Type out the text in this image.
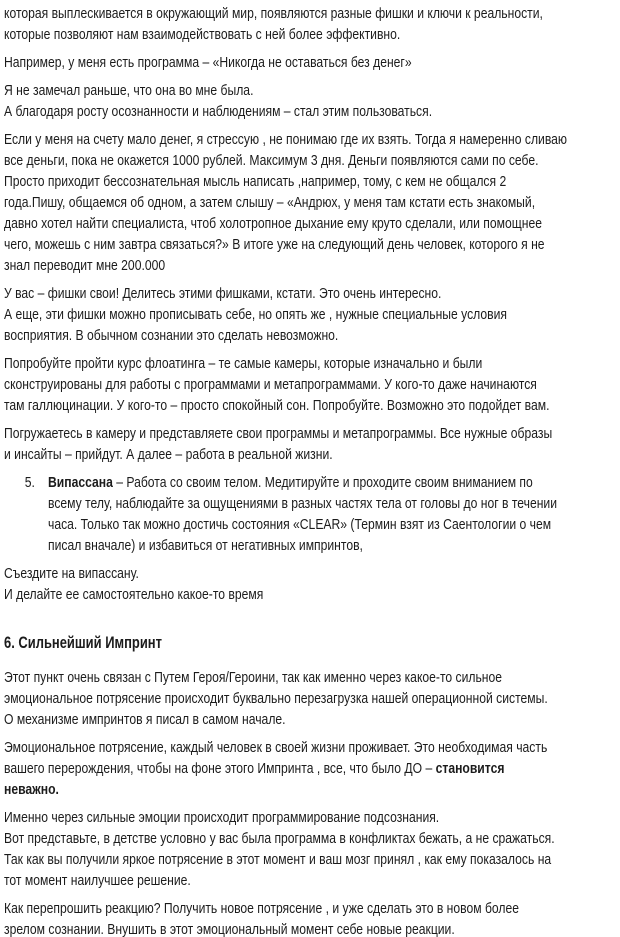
которая выплескивается в окружающий мир, появляются разные фишки и ключи к реальности,
которые позволяют нам взаимодействовать с ней более эффективно.
Например, у меня есть программа – «Никогда не оставаться без денег»
Я не замечал раньше, что она во мне была.
А благодаря росту осознанности и наблюдениям – стал этим пользоваться.
Если у меня на счету мало денег, я стрессую , не понимаю где их взять. Тогда я намеренно сливаю
все деньги, пока не окажется 1000 рублей. Максимум 3 дня. Деньги появляются сами по себе.
Просто приходит бессознательная мысль написать ,например, тому, с кем не общался 2
года.Пишу, общаемся об одном, а затем слышу – «Андрюх, у меня там кстати есть знакомый,
давно хотел найти специалиста, чтоб холотропное дыхание ему круто сделали, или помощнее
чего, можешь с ним завтра связаться?» В итоге уже на следующий день человек, которого я не
знал переводит мне 200.000
У вас – фишки свои! Делитесь этими фишками, кстати. Это очень интересно.
А еще, эти фишки можно прописывать себе, но опять же , нужные специальные условия
восприятия. В обычном сознании это сделать невозможно.
Попробуйте пройти курс флоатинга – те самые камеры, которые изначально и были
сконструированы для работы с программами и метапрограммами. У кого-то даже начинаются
там галлюцинации. У кого-то – просто спокойный сон. Попробуйте. Возможно это подойдет вам.
Погружаетесь в камеру и представляете свои программы и метапрограммы. Все нужные образы
и инсайты – прийдут. А далее – работа в реальной жизни.
5. Випассана – Работа со своим телом. Медитируйте и проходите своим вниманием по
всему телу, наблюдайте за ощущениями в разных частях тела от головы до ног в течении
часа. Только так можно достичь состояния «CLEAR» (Термин взят из Саентологии о чем
писал вначале) и избавиться от негативных импринтов,
Съездите на випассану.
И делайте ее самостоятельно какое-то время
6. Сильнейший Импринт
Этот пункт очень связан с Путем Героя/Героини, так как именно через какое-то сильное
эмоциональное потрясение происходит буквально перезагрузка нашей операционной системы.
О механизме импринтов я писал в самом начале.
Эмоциональное потрясение, каждый человек в своей жизни проживает. Это необходимая часть
вашего перерождения, чтобы на фоне этого Импринта , все, что было ДО – становится
неважно.
Именно через сильные эмоции происходит программирование подсознания.
Вот представьте, в детстве условно у вас была программа в конфликтах бежать, а не сражаться.
Так как вы получили яркое потрясение в этот момент и ваш мозг принял , как ему показалось на
тот момент наилучшее решение.
Как перепрошить реакцию? Получить новое потрясение , и уже сделать это в новом более
зрелом сознании. Внушить в этот эмоциональный момент себе новые реакции.
